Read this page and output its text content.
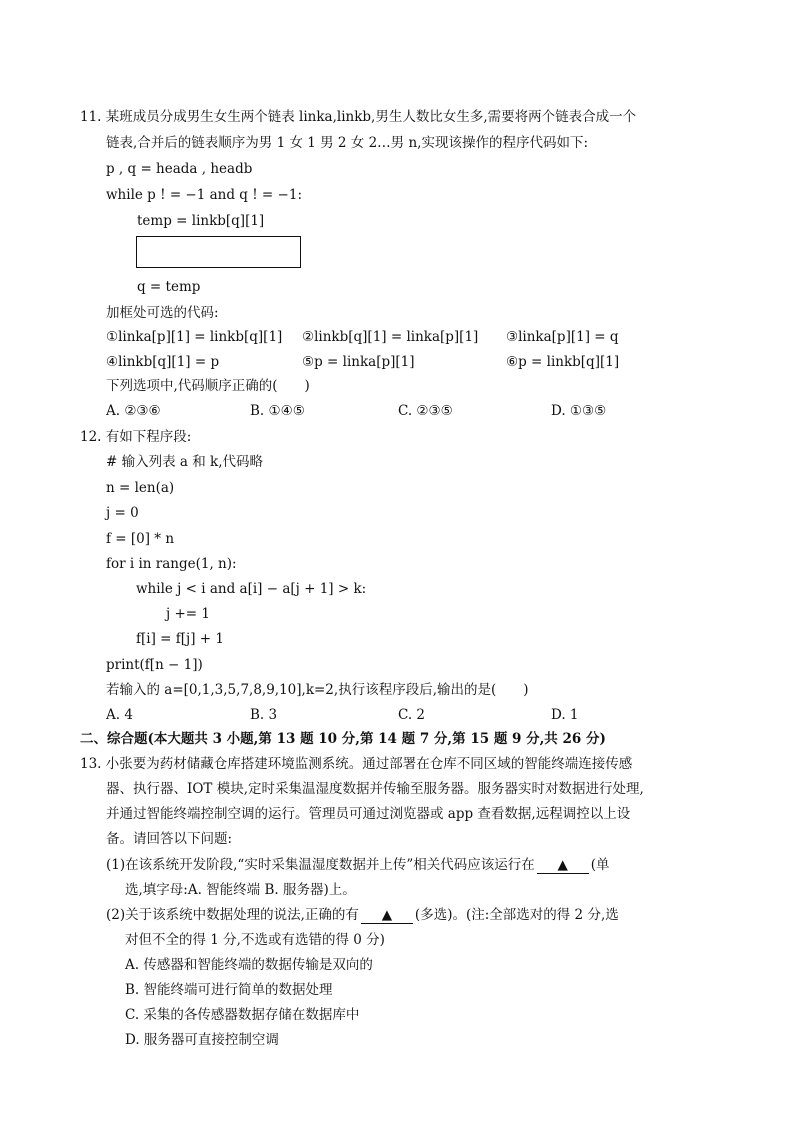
11. 某班成员分成男生女生两个链表 linka,linkb,男生人数比女生多,需要将两个链表合成一个
链表,合并后的链表顺序为男 1 女 1 男 2 女 2…男 n,实现该操作的程序代码如下:
p , q = heada , headb
while p ! = −1 and q ! = −1:
temp = linkb[q][1]
q = temp
加框处可选的代码:
①linka[p][1] = linkb[q][1] ②linkb[q][1] = linka[p][1] ③linka[p][1] = q
④linkb[q][1] = p	⑤p = linka[p][1]	⑥p = linkb[q][1]
下列选项中,代码顺序正确的(　　)
A. ②③⑥	B. ①④⑤	C. ②③⑤	D. ①③⑤
12. 有如下程序段:
# 输入列表 a 和 k,代码略
n = len(a)
j = 0
f = [0] * n
for i in range(1, n):
while j < i and a[i] − a[j + 1] > k:
j += 1
f[i] = f[j] + 1
print(f[n − 1])
若输入的 a=[0,1,3,5,7,8,9,10],k=2,执行该程序段后,输出的是(　　)
A. 4	B. 3	C. 2	D. 1
二、综合题(本大题共 3 小题,第 13 题 10 分,第 14 题 7 分,第 15 题 9 分,共 26 分)
13. 小张要为药材储藏仓库搭建环境监测系统。通过部署在仓库不同区域的智能终端连接传感
器、执行器、IOT 模块,定时采集温湿度数据并传输至服务器。服务器实时对数据进行处理,
并通过智能终端控制空调的运行。管理员可通过浏览器或 app 查看数据,远程调控以上设
备。请回答以下问题:
(1)在该系统开发阶段,“实时采集温湿度数据并上传”相关代码应该运行在 ▲ (单
选,填字母:A. 智能终端 B. 服务器)上。
(2)关于该系统中数据处理的说法,正确的有 ▲ (多选)。(注:全部选对的得 2 分,选
对但不全的得 1 分,不选或有选错的得 0 分)
A. 传感器和智能终端的数据传输是双向的
B. 智能终端可进行简单的数据处理
C. 采集的各传感器数据存储在数据库中
D. 服务器可直接控制空调
